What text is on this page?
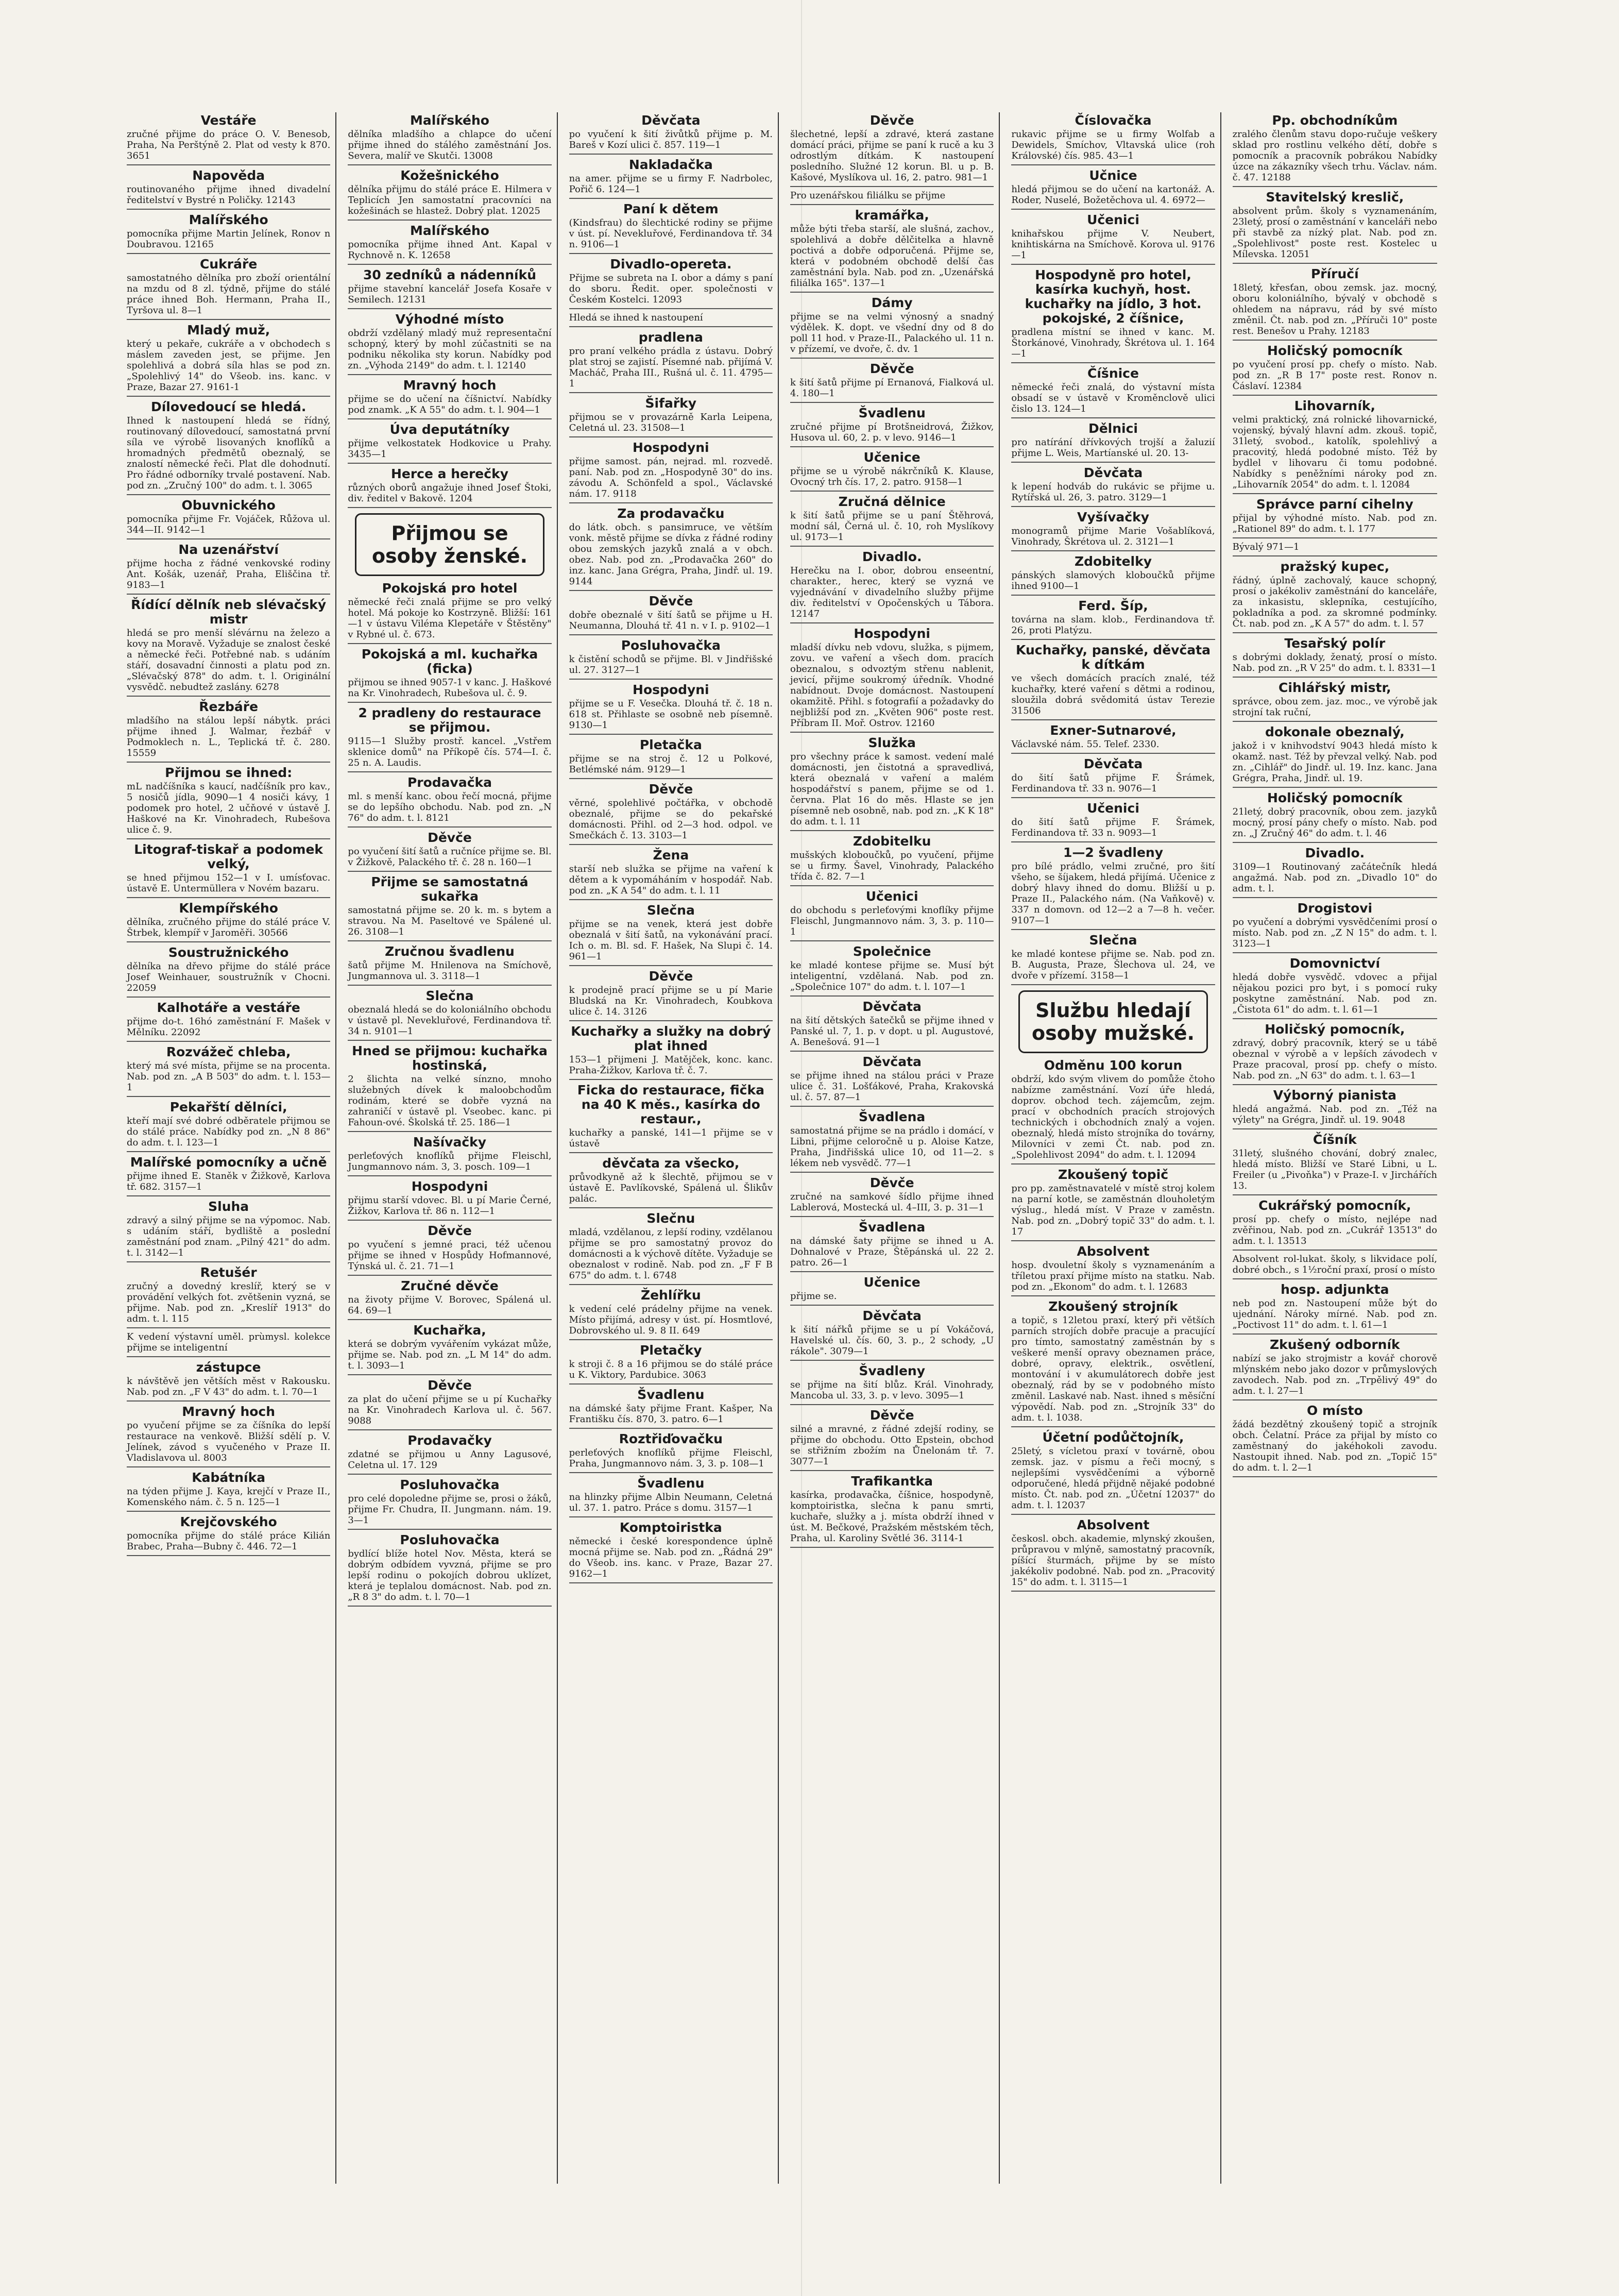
Vestáře
zručné přijme do práce O. V. Benesob, Praha, Na Perštýně 2. Plat od vesty k 870. 3651
Napověda
routinovaného přijme ihned divadelní ředitelství v Bystré n Poličky. 12143
Malířského
pomocníka přijme Martin Jelínek, Ronov n Doubravou. 12165
Cukráře
samostatného dělníka pro zboží orientální na mzdu od 8 zl. týdně, přijme do stálé práce ihned Boh. Hermann, Praha II., Tyršova ul. 8—1
Mladý muž,
který u pekaře, cukráře a v obchodech s máslem zaveden jest, se přijme. Jen spolehlivá a dobrá síla hlas se pod zn. „Spolehlivý 14" do Všeob. ins. kanc. v Praze, Bazar 27. 9161-1
Dílovedoucí se hledá.
Ihned k nastoupení hledá se řídný, routinovaný dílovedoucí, samostatná první síla ve výrobě lisovaných knoflíků a hromadných předmětů obeznalý, se znalostí německé řeči. Plat dle dohodnutí. Pro řádné odborníky trvalé postavení. Nab. pod zn. „Zručný 100" do adm. t. l. 3065
Obuvnického
pomocníka přijme Fr. Vojáček, Růžova ul. 344—II. 9142—1
Na uzenářství
přijme hocha z řádné venkovské rodiny Ant. Košák, uzenář, Praha, Eliščina tř. 9183—1
Řídící dělník neb slévačský mistr
hledá se pro menší slévárnu na železo a kovy na Moravě. Vyžaduje se znalost české a německé řeči. Potřebné nab. s udáním stáří, dosavadní činnosti a platu pod zn. „Slévačský 878" do adm. t. l. Originální vysvědč. nebudtež zaslány. 6278
Řezbáře
mladšího na stálou lepší nábytk. práci přijme ihned J. Walmar, řezbář v Podmoklech n. L., Teplická tř. č. 280. 15559
Přijmou se ihned:
mL nadčíšníka s kaucí, nadčíšník pro kav., 5 nosičů jídla, 9090—1 4 nosiči kávy, 1 podomek pro hotel, 2 učňové v ústavě J. Haškové na Kr. Vinohradech, Rubešova ulice č. 9.
Litograf-tiskař a podomek velký,
se hned přijmou 152—1 v I. umísťovac. ústavě E. Untermüllera v Novém bazaru.
Klempířského
dělníka, zručného přijme do stálé práce V. Štrbek, klempíř v Jaroměři. 30566
Soustružnického
dělníka na dřevo přijme do stálé práce Josef Weinhauer, soustružník v Chocni. 22059
Kalhotáře a vestáře
přijme do-t. 16hó zaměstnání F. Mašek v Mělníku. 22092
Rozvážeč chleba,
který má své místa, přijme se na procenta. Nab. pod zn. „A B 503" do adm. t. l. 153—1
Pekařští dělníci,
kteří mají své dobré odběratele přijmou se do stálé práce. Nabídky pod zn. „N 8 86" do adm. t. l. 123—1
Malířské pomocníky a učně
přijme ihned E. Staněk v Žižkově, Karlova tř. 682. 3157—1
Sluha
zdravý a silný přijme se na výpomoc. Nab. s udáním stáří, bydliště a poslední zaměstnání pod znam. „Pilný 421" do adm. t. l. 3142—1
Retušér
zručný a dovedný kreslíř, který se v provádění velkých fot. zvětšenin vyzná, se přijme. Nab. pod zn. „Kreslíř 1913" do adm. t. l. 115
K vedení výstavní uměl. prùmysl. kolekce přijme se inteligentní
zástupce
k návštěvě jen větších měst v Rakousku. Nab. pod zn. „F V 43" do adm. t. l. 70—1
Mravný hoch
po vyučení přijme se za číšníka do lepší restaurace na venkově. Bližší sdělí p. V. Jelínek, závod s vyučeného v Praze II. Vladislavova ul. 8003
Kabátníka
na týden přijme J. Kaya, krejčí v Praze II., Komenského nám. č. 5 n. 125—1
Krejčovského
pomocníka přijme do stálé práce Kilián Brabec, Praha—Bubny č. 446. 72—1
Malířského
dělníka mladšího a chlapce do učení přijme ihned do stálého zaměstnání Jos. Severa, malíř ve Skutči. 13008
Kožešnického
dělníka přijmu do stálé práce E. Hilmera v Teplicích Jen samostatní pracovníci na kožešinách se hlastež. Dobrý plat. 12025
Malířského
pomocníka přijme ihned Ant. Kapal v Rychnově n. K. 12658
30 zedníků a nádenníků
přijme stavební kancelář Josefa Kosaře v Semilech. 12131
Výhodné místo
obdrží vzdělaný mladý muž representační schopný, který by mohl zúčastniti se na podniku několika sty korun. Nabídky pod zn. „Výhoda 2149" do adm. t. l. 12140
Mravný hoch
přijme se do učení na číšnictví. Nabídky pod znamk. „K A 55" do adm. t. l. 904—1
Úva deputátníky
přijme velkostatek Hodkovice u Prahy. 3435—1
Herce a herečky
různých oborů angažuje ihned Josef Štoki, div. ředitel v Bakově. 1204
Přijmou se osoby ženské.
Pokojská pro hotel
německé řeči znalá přijme se pro velký hotel. Má pokoje ko Kostrzyně. Bližší: 161—1 v ústavu Viléma Klepetáře v Štěstěny" v Rybné ul. č. 673.
Pokojská a ml. kuchařka (ficka)
přijmou se ihned 9057-1 v kanc. J. Haškové na Kr. Vinohradech, Rubešova ul. č. 9.
2 pradleny do restaurace se přijmou.
9115—1 Služby prostř. kancel. „Vstřem sklenice domů" na Příkopě čís. 574—I. č. 25 n. A. Laudis.
Prodavačka
ml. s menší kanc. obou řečí mocná, přijme se do lepšího obchodu. Nab. pod zn. „N 76" do adm. t. l. 8121
Děvče
po vyučení šití šatů a ručníce přijme se. Bl. v Žižkově, Palackého tř. č. 28 n. 160—1
Přijme se samostatná sukařka
samostatná přijme se. 20 k. m. s bytem a stravou. Na M. Paseltové ve Spálené ul. 26. 3108—1
Zručnou švadlenu
šatů přijme M. Hnilenova na Smíchově, Jungmannova ul. 3. 3118—1
Slečna
obeznalá hledá se do koloniálního obchodu v ústavě pl. Nevekluřové, Ferdinandova tř. 34 n. 9101—1
Hned se přijmou: kuchařka hostinská,
2 šlichta na velké sínzno, mnoho služebných dívek k maloobchodům rodinám, které se dobře vyzná na zahraničí v ústavě pl. Vseobec. kanc. pi Fahoun-ové. Školská tř. 25. 186—1
Našívačky
perleťových knoflíků přijme Fleischl, Jungmannovo nám. 3, 3. posch. 109—1
Hospodyni
přijmu starší vdovec. Bl. u pí Marie Černé, Žižkov, Karlova tř. 86 n. 112—1
Děvče
po vyučení s jemné praci, též učenou přijme se ihned v Hospůdy Hofmannové, Týnská ul. č. 21. 71—1
Zručné děvče
na životy přijme V. Borovec, Spálená ul. 64. 69—1
Kuchařka,
která se dobrým vyvářením vykázat může, přijme se. Nab. pod zn. „L M 14" do adm. t. l. 3093—1
Děvče
za plat do učení přijme se u pí Kuchařky na Kr. Vinohradech Karlova ul. č. 567. 9088
Prodavačky
zdatné se přijmou u Anny Lagusové, Celetna ul. 17. 129
Posluhovačka
pro celé dopoledne přijme se, prosi o žáků, přijme Fr. Chudra, II. Jungmann. nám. 19. 3—1
Posluhovačka
bydlící blíže hotel Nov. Města, která se dobrým odbídem vyvzná, přijme se pro lepší rodinu o pokojích dobrou uklízet, která je teplalou domácnost. Nab. pod zn. „R 8 3" do adm. t. l. 70—1
Děvčata
po vyučení k šití živůtků přijme p. M. Bareš v Kozí ulici č. 857. 119—1
Nakladačka
na amer. přijme se u firmy F. Nadrbolec, Pořič 6. 124—1
Paní k dětem
(Kindsfrau) do šlechtické rodiny se přijme v úst. pí. Nevekluřové, Ferdinandova tř. 34 n. 9106—1
Divadlo-opereta.
Přijme se subreta na I. obor a dámy s paní do sboru. Ředit. oper. společnosti v Českém Kostelci. 12093
Hledá se ihned k nastoupení
pradlena
pro praní velkého prádla z ústavu. Dobrý plat stroj se zajistí. Písemné nab. přijímá V. Macháč, Praha III., Rušná ul. č. 11. 4795—1
Šifařky
přijmou se v provazárně Karla Leipena, Celetná ul. 23. 31508—1
Hospodyni
přijme samost. pán, nejrad. ml. rozvedě. paní. Nab. pod zn. „Hospodyně 30" do ins. závodu A. Schönfeld a spol., Václavské nám. 17. 9118
Za prodavačku
do látk. obch. s pansimruce, ve větším vonk. městě přijme se dívka z řádné rodiny obou zemských jazyků znalá a v obch. obez. Nab. pod zn. „Prodavačka 260" do inz. kanc. Jana Grégra, Praha, Jindř. ul. 19. 9144
Děvče
dobře obeznalé v šití šatů se přijme u H. Neumanna, Dlouhá tř. 41 n. v I. p. 9102—1
Posluhovačka
k čistění schodů se přijme. Bl. v Jindřišské ul. 27. 3127—1
Hospodyni
přijme se u F. Vesečka. Dlouhá tř. č. 18 n. 618 st. Přihlaste se osobně neb písemně. 9130—1
Pletačka
přijme se na stroj č. 12 u Polkové, Betlémské nám. 9129—1
Děvče
věrné, spolehlivé počtářka, v obchodě obeznalé, přijme se do pekařské domácnosti. Přihl. od 2—3 hod. odpol. ve Smečkách č. 13. 3103—1
Žena
starší neb služka se přijme na vaření k dětem a k vypomáháním v hospodář. Nab. pod zn. „K A 54" do adm. t. l. 11
Slečna
přijme se na venek, která jest dobře obeznalá v šití šatů, na vykonávání prací. Ich o. m. Bl. sd. F. Hašek, Na Slupi č. 14. 961—1
Děvče
k prodejně prací přijme se u pí Marie Bludská na Kr. Vinohradech, Koubkova ulice č. 14. 3126
Kuchařky a služky na dobrý plat ihned
153—1 přijmeni J. Matějček, konc. kanc. Praha-Žižkov, Karlova tř. č. 7.
Ficka do restaurace, fička na 40 K měs., kasírka do restaur.,
kuchařky a panské, 141—1 přijme se v ústavě
děvčata za všecko,
průvodkyně až k šlechtě, přijmou se v ústavě E. Pavlíkovské, Spálená ul. Šlikův palác.
Slečnu
mladá, vzdělanou, z lepší rodiny, vzdělanou přijme se pro samostatný provoz do domácnosti a k výchově dítěte. Vyžaduje se obeznalost v rodině. Nab. pod zn. „F F B 675" do adm. t. l. 6748
Žehlířku
k vedení celé prádelny přijme na venek. Místo přijímá, adresy v úst. pí. Hosmtlové, Dobrovského ul. 9. 8 II. 649
Pletačky
k stroji č. 8 a 16 přijmou se do stálé práce u K. Viktory, Pardubice. 3063
Švadlenu
na dámské šaty přijme Frant. Kašper, Na Františku čís. 870, 3. patro. 6—1
Roztřiďovačku
perleťových knoflíků přijme Fleischl, Praha, Jungmannovo nám. 3, 3. p. 108—1
Švadlenu
na hlinzky přijme Albin Neumann, Celetná ul. 37. 1. patro. Práce s domu. 3157—1
Komptoiristka
německé i české korespondence úplně mocná přijme se. Nab. pod zn. „Řádná 29" do Všeob. ins. kanc. v Praze, Bazar 27. 9162—1
Děvče
šlechetné, lepší a zdravé, která zastane domácí práci, přijme se paní k rucě a ku 3 odrostlým dítkám. K nastoupení posledního. Služné 12 korun. Bl. u p. B. Kašové, Myslíkova ul. 16, 2. patro. 981—1
Pro uzenářskou filiálku se přijme
kramářka,
může býti třeba starší, ale slušná, zachov., spolehlivá a dobře dělčitelka a hlavně poctivá a dobře odporučená. Přijme se, která v podobném obchodě delší čas zaměstnání byla. Nab. pod zn. „Uzenářská filiálka 165". 137—1
Dámy
přijme se na velmi výnosný a snadný výdělek. K. dopt. ve všední dny od 8 do poll 11 hod. v Praze-II., Palackého ul. 11 n. v přízemí, ve dvoře, č. dv. 1
Děvče
k šití šatů přijme pí Ernanová, Fialková ul. 4. 180—1
Švadlenu
zručné přijme pí Brotšneidrová, Žižkov, Husova ul. 60, 2. p. v levo. 9146—1
Učenice
přijme se u výrobě nákrčníků K. Klause, Ovocný trh čís. 17, 2. patro. 9158—1
Zručná dělnice
k šití šatů přijme se u paní Štěhrová, modní sál, Černá ul. č. 10, roh Myslíkovy ul. 9173—1
Divadlo.
Herečku na I. obor, dobrou enseentní, charakter., herec, který se vyzná ve vyjednávání v divadelního služby přijme div. ředitelství v Opočenských u Tábora. 12147
Hospodyni
mladší dívku neb vdovu, služka, s pijmem, zovu. ve vaření a všech dom. pracích obeznalou, s odvoztým střenu nablenit, jevicí, přijme soukromý úředník. Vhodné nabídnout. Dvoje domácnost. Nastoupení okamžitě. Přihl. s fotografií a požadavky do nejbližší pod zn. „Květen 906" poste rest. Příbram II. Moř. Ostrov. 12160
Služka
pro všechny práce k samost. vedení malé domácnosti, jen čistotná a spravedlivá, která obeznalá v vaření a malém hospodářství s panem, přijme se od 1. června. Plat 16 do měs. Hlaste se jen písemně neb osobně, nab. pod zn. „K K 18" do adm. t. l. 11
Zdobitelku
mušských kloboučků, po vyučení, přijme se u firmy. Šavel, Vinohrady, Palackého třída č. 82. 7—1
Učenici
do obchodu s perleťovými knoflíky přijme Fleischl, Jungmannovo nám. 3, 3. p. 110—1
Společnice
ke mladé kontese přijme se. Musí být inteligentní, vzdělaná. Nab. pod zn. „Společnice 107" do adm. t. l. 107—1
Děvčata
na šití dětských šatečků se přijme ihned v Panské ul. 7, 1. p. v dopt. u pl. Augustové, A. Benešová. 91—1
Děvčata
se přijme ihned na stálou práci v Praze ulice č. 31. Lošťákové, Praha, Krakovská ul. č. 57. 87—1
Švadlena
samostatná přijme se na prádlo i domácí, v Libni, přijme celoročně u p. Aloise Katze, Praha, Jindřišská ulice 10, od 11—2. s lékem neb vysvědč. 77—1
Děvče
zručné na samkové šídlo přijme ihned Lablerová, Mostecká ul. 4–III, 3. p. 31—1
Švadlena
na dámské šaty přijme se ihned u A. Dohnalové v Praze, Štěpánská ul. 22 2. patro. 26—1
Učenice
přijme se.
Děvčata
k šití nářků přijme se u pí Vokáčová, Havelské ul. čís. 60, 3. p., 2 schody, „U rákole". 3079—1
Švadleny
se přijme na šití blůz. Král. Vinohrady, Mancoba ul. 33, 3. p. v levo. 3095—1
Děvče
silné a mravné, z řádné zdejší rodiny, se přijme do obchodu. Otto Epstein, obchod se střižním zbožím na Ůnelonám tř. 7. 3077—1
Trafikantka
kasírka, prodavačka, číšnice, hospodyně, komptoiristka, slečna k panu smrti, kuchaře, služky a j. místa obdrží ihned v úst. M. Bečkové, Pražském městském těch, Praha, ul. Karoliny Světlé 36. 3114-1
Číslovačka
rukavic přijme se u firmy Wolfab a Dewidels, Smíchov, Vltavská ulice (roh Královské) čís. 985. 43—1
Učnice
hledá přijmou se do učení na kartonáž. A. Roder, Nuselé, Božetěchova ul. 4. 6972—
Učenici
knihařskou přijme V. Neubert, knihtiskárna na Smíchově. Korova ul. 9176—1
Hospodyně pro hotel, kasírka kuchyň, host. kuchařky na jídlo, 3 hot. pokojské, 2 číšnice,
pradlena místní se ihned v kanc. M. Štorkánové, Vinohrady, Škrétova ul. 1. 164—1
Číšnice
německé řeči znalá, do výstavní místa obsadí se v ústavě v Kroměnclově ulici čislo 13. 124—1
Dělnici
pro natírání dřívkových trojší a žaluzií přijme L. Weis, Martíanské ul. 20. 13-
Děvčata
k lepení hodváb do rukávic se přijme u. Rytířská ul. 26, 3. patro. 3129—1
Vyšívačky
monogramů přijme Marie Vošablíková, Vinohrady, Škrétova ul. 2. 3121—1
Zdobitelky
pánských slamových kloboučků přijme ihned 9100—1
Ferd. Šíp,
továrna na slam. klob., Ferdinandova tř. 26, proti Platýzu.
Kuchařky, panské, děvčata k dítkám
ve všech domácích pracích znalé, též kuchařky, které vaření s dětmi a rodinou, sloužila dobrá svědomitá ústav Terezie 31506
Exner-Sutnarové,
Václavské nám. 55. Telef. 2330.
Děvčata
do šití šatů přijme F. Šrámek, Ferdinandova tř. 33 n. 9076—1
Učenici
do šití šatů přijme F. Šrámek, Ferdinandova tř. 33 n. 9093—1
1—2 švadleny
pro bílé prádlo, velmi zručné, pro šití všeho, se šíjakem, hledá přijímá. Učenice z dobrý hlavy ihned do domu. Bližší u p. Praze II., Palackého nám. (Na Vaňkově) v. 337 n domovn. od 12—2 a 7—8 h. večer. 9107—1
Slečna
ke mladé kontese přijme se. Nab. pod zn. B. Augusta, Praze, Šlechova ul. 24, ve dvoře v přízemí. 3158—1
Službu hledají osoby mužské.
Odměnu 100 korun
obdrží, kdo svým vlivem do pomůže čtoho nabízme zaměstnání. Vozí úře hledá, doprov. obchod tech. zájemcům, zejm. prací v obchodních pracích strojových technických i obchodních znalý a vojen. obeznalý, hledá místo strojníka do továrny, Milovníci v zemi Čt. nab. pod zn. „Spolehlivost 2094" do adm. t. l. 12094
Zkoušený topič
pro pp. zaměstnavatelé v místě stroj kolem na parní kotle, se zaměstnán dlouholetým výslug., hledá míst. V Praze v zaměstn. Nab. pod zn. „Dobrý topič 33" do adm. t. l. 17
Absolvent
hosp. dvouletní školy s vyznamenáním a tříletou praxí přijme místo na statku. Nab. pod zn. „Ekonom" do adm. t. l. 12683
Zkoušený strojník
a topič, s 12letou praxí, který při větších parních strojích dobře pracuje a pracující pro tímto, samostatný zaměstnán by s veškeré menší opravy obeznamen práce, dobré, opravy, elektrik., osvětlení, montování i v akumulátorech dobře jest obeznalý, rád by se v podobného místo změnil. Laskavé nab. Nast. ihned s měsíční výpovědí. Nab. pod zn. „Strojník 33" do adm. t. l. 1038.
Účetní podůčtojník,
25letý, s vícletou praxí v továrně, obou zemsk. jaz. v písmu a řeči mocný, s nejlepšími vysvědčeními a výborně odporučené, hledá přijdně nějaké podobné místo. Čt. nab. pod zn. „Účetní 12037" do adm. t. l. 12037
Absolvent
českosl. obch. akademie, mlynský zkoušen, průpravou v mlýně, samostatný pracovník, píšící šturmách, přijme by se místo jakékoliv podobné. Nab. pod zn. „Pracovitý 15" do adm. t. l. 3115—1
Pp. obchodníkům
zralého členům stavu dopo-ručuje veškery sklad pro rostlinu velkého dětí, dobře s pomocník a pracovník pobrákou Nabídky úzce na zákazníky všech trhu. Václav. nám. č. 47. 12188
Stavitelský kreslič,
absolvent prům. školy s vyznamenáním, 23letý, prosí o zaměstnání v kanceláři nebo při stavbě za nízký plat. Nab. pod zn. „Spolehlivost" poste rest. Kostelec u Mílevska. 12051
Příručí
18letý, křesťan, obou zemsk. jaz. mocný, oboru koloniálního, bývalý v obchodě s ohledem na nápravu, rád by své místo změnil. Čt. nab. pod zn. „Příruči 10" poste rest. Benešov u Prahy. 12183
Holičský pomocník
po vyučení prosí pp. chefy o místo. Nab. pod zn. „R B 17" poste rest. Ronov n. Čáslaví. 12384
Lihovarník,
velmi praktický, zná rolnické lihovarnické, vojenský, bývalý hlavní adm. zkouš. topič, 31letý, svobod., katolík, spolehlivý a pracovitý, hledá podobné místo. Též by bydlel v lihovaru či tomu podobné. Nabídky s peněžními nároky pod zn. „Lihovarník 2054" do adm. t. l. 12084
Správce parní cihelny
přijal by výhodné místo. Nab. pod zn. „Rationel 89" do adm. t. l. 177
Bývalý 971—1
pražský kupec,
řádný, úplně zachovalý, kauce schopný, prosí o jakékoliv zaměstnání do kanceláře, za inkasistu, sklepníka, cestujícího, pokladníka a pod. za skromné podmínky. Čt. nab. pod zn. „K A 57" do adm. t. l. 57
Tesařský polír
s dobrými doklady, ženatý, prosí o místo. Nab. pod zn. „R V 25" do adm. t. l. 8331—1
Cihlářský mistr,
správce, obou zem. jaz. moc., ve výrobě jak strojní tak ruční,
dokonale obeznalý,
jakož i v knihvodství 9043 hledá místo k okamž. nast. Též by převzal velký. Nab. pod zn. „Cihlář" do Jindř. ul. 19. Inz. kanc. Jana Grégra, Praha, Jindř. ul. 19.
Holičský pomocník
21letý, dobrý pracovník, obou zem. jazyků mocný, prosí pány chefy o místo. Nab. pod zn. „J Zručný 46" do adm. t. l. 46
Divadlo.
3109—1 Routinovaný začátečník hledá angažmá. Nab. pod zn. „Divadlo 10" do adm. t. l.
Drogistovi
po vyučení a dobrými vysvědčeními prosí o místo. Nab. pod zn. „Z N 15" do adm. t. l. 3123—1
Domovnictví
hledá dobře vysvědč. vdovec a přijal nějakou pozici pro byt, i s pomocí ruky poskytne zaměstnání. Nab. pod zn. „Čistota 61" do adm. t. l. 61—1
Holičský pomocník,
zdravý, dobrý pracovník, který se u tábě obeznal v výrobě a v lepších závodech v Praze pracoval, prosí pp. chefy o místo. Nab. pod zn. „N 63" do adm. t. l. 63—1
Výborný pianista
hledá angažmá. Nab. pod zn. „Též na výlety" na Grégra, Jindř. ul. 19. 9048
Číšník
31letý, slušného chování, dobrý znalec, hledá místo. Bližší ve Staré Libni, u L. Freiler (u „Pivoňka") v Praze-I. v Jirchářích 13.
Cukrářský pomocník,
prosí pp. chefy o místo, nejlépe nad zvěřinou, Nab. pod zn. „Cukrář 13513" do adm. t. l. 13513
Absolvent rol-lukat. školy, s likvidace polí, dobré obch., s 1½roční praxí, prosí o místo
hosp. adjunkta
neb pod zn. Nastoupení může být do ujednání. Nároky mírné. Nab. pod zn. „Poctivost 11" do adm. t. l. 61—1
Zkušený odborník
nabízí se jako strojmistr a kovář chorově mlýnském nebo jako dozor v průmyslových zavodech. Nab. pod zn. „Trpělivý 49" do adm. t. l. 27—1
O místo
žádá bezdětný zkoušený topič a strojník obch. Čelatní. Práce za přijal by místo co zaměstnaný do jakéhokoli zavodu. Nastoupit ihned. Nab. pod zn. „Topič 15" do adm. t. l. 2—1
